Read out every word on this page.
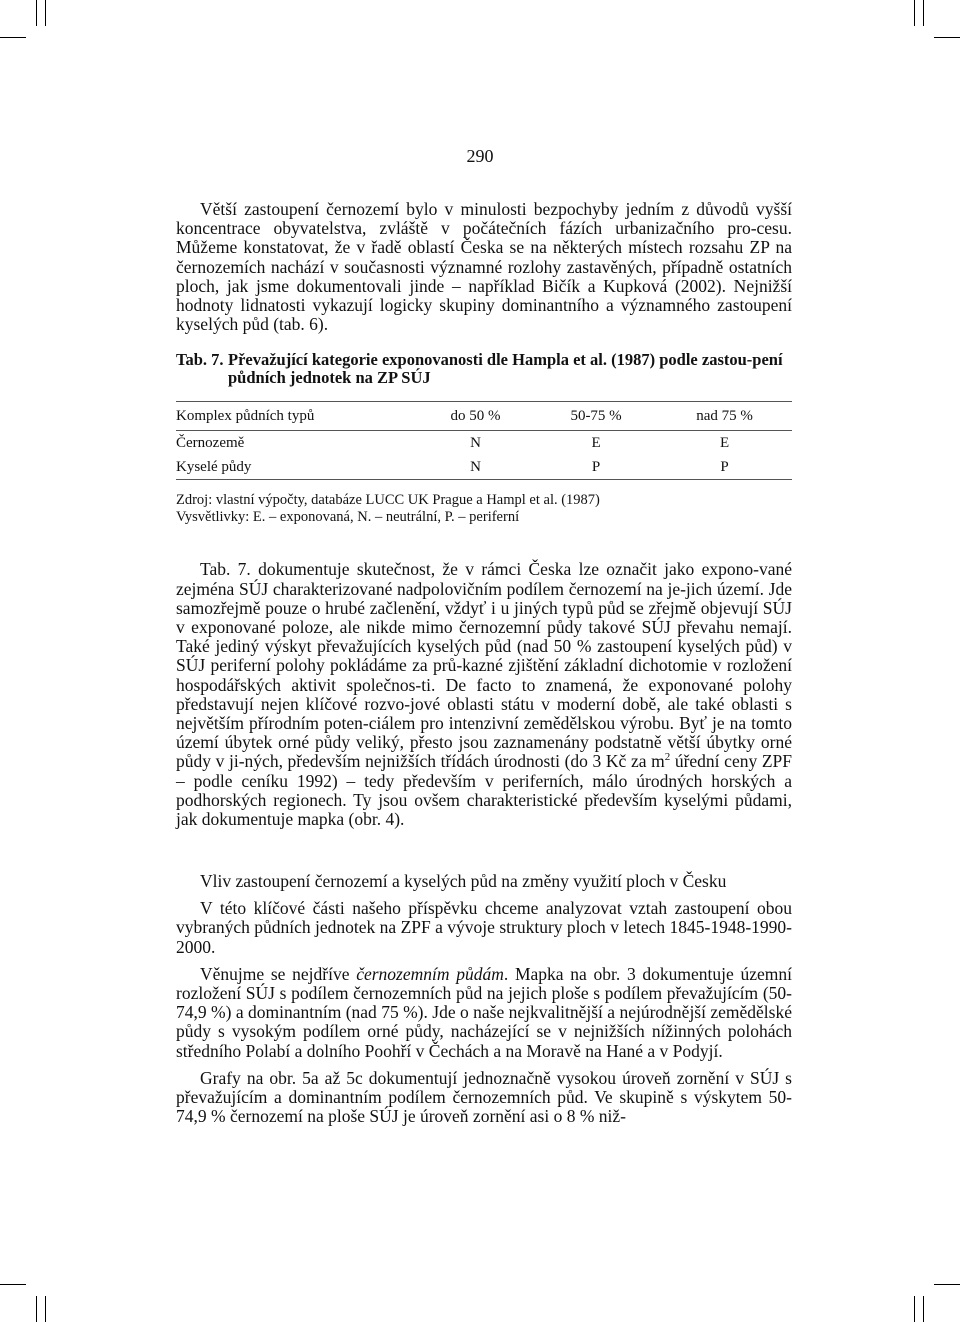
290

Větší zastoupení černozemí bylo v minulosti bezpochyby jedním z důvodů vyšší koncentrace obyvatelstva, zvláště v počátečních fázích urbanizačního pro-cesu. Můžeme konstatovat, že v řadě oblastí Česka se na některých místech rozsahu ZP na černozemích nachází v současnosti významné rozlohy zastavěných, případně ostatních ploch, jak jsme dokumentovali jinde – například Bičík a Kupková (2002). Nejnižší hodnoty lidnatosti vykazují logicky skupiny dominantního a významného zastoupení kyselých půd (tab. 6).

Tab. 7. Převažující kategorie exponovanosti dle Hampla et al. (1987) podle zastou-pení půdních jednotek na ZP SÚJ
Komplex půdních typů	do 50 %	50-75 %	nad 75 %
Černozemě	N	E	E
Kyselé půdy	N	P	P
Zdroj: vlastní výpočty, databáze LUCC UK Prague a Hampl et al. (1987)
Vysvětlivky: E. – exponovaná, N. – neutrální, P. – periferní

Tab. 7. dokumentuje skutečnost, že v rámci Česka lze označit jako expono-vané zejména SÚJ charakterizované nadpolovičním podílem černozemí na je-jich území. Jde samozřejmě pouze o hrubé začlenění, vždyť i u jiných typů půd se zřejmě objevují SÚJ v exponované poloze, ale nikde mimo černozemní půdy takové SÚJ převahu nemají. Také jediný výskyt převažujících kyselých půd (nad 50 % zastoupení kyselých půd) v SÚJ periferní polohy pokládáme za prů-kazné zjištění základní dichotomie v rozložení hospodářských aktivit společnos-ti. De facto to znamená, že exponované polohy představují nejen klíčové rozvo-jové oblasti státu v moderní době, ale také oblasti s největším přírodním poten-ciálem pro intenzivní zemědělskou výrobu. Byť je na tomto území úbytek orné půdy veliký, přesto jsou zaznamenány podstatně větší úbytky orné půdy v ji-ných, především nejnižších třídách úrodnosti (do 3 Kč za $m^2$ úřední ceny ZPF – podle ceníku 1992) – tedy především v periferních, málo úrodných horských a podhorských regionech. Ty jsou ovšem charakteristické především kyselými půdami, jak dokumentuje mapka (obr. 4).

Vliv zastoupení černozemí a kyselých půd na změny využití ploch v Česku

V této klíčové části našeho příspěvku chceme analyzovat vztah zastoupení obou vybraných půdních jednotek na ZPF a vývoje struktury ploch v letech 1845-1948-1990-2000.

Věnujme se nejdříve černozemním půdám. Mapka na obr. 3 dokumentuje územní rozložení SÚJ s podílem černozemních půd na jejich ploše s podílem převažujícím (50-74,9 %) a dominantním (nad 75 %). Jde o naše nejkvalitnější a nejúrodnější zemědělské půdy s vysokým podílem orné půdy, nacházející se v nejnižších nížinných polohách středního Polabí a dolního Poohří v Čechách a na Moravě na Hané a v Podyjí.

Grafy na obr. 5a až 5c dokumentují jednoznačně vysokou úroveň zornění v SÚJ s převažujícím a dominantním podílem černozemních půd. Ve skupině s výskytem 50-74,9 % černozemí na ploše SÚJ je úroveň zornění asi o 8 % niž-
